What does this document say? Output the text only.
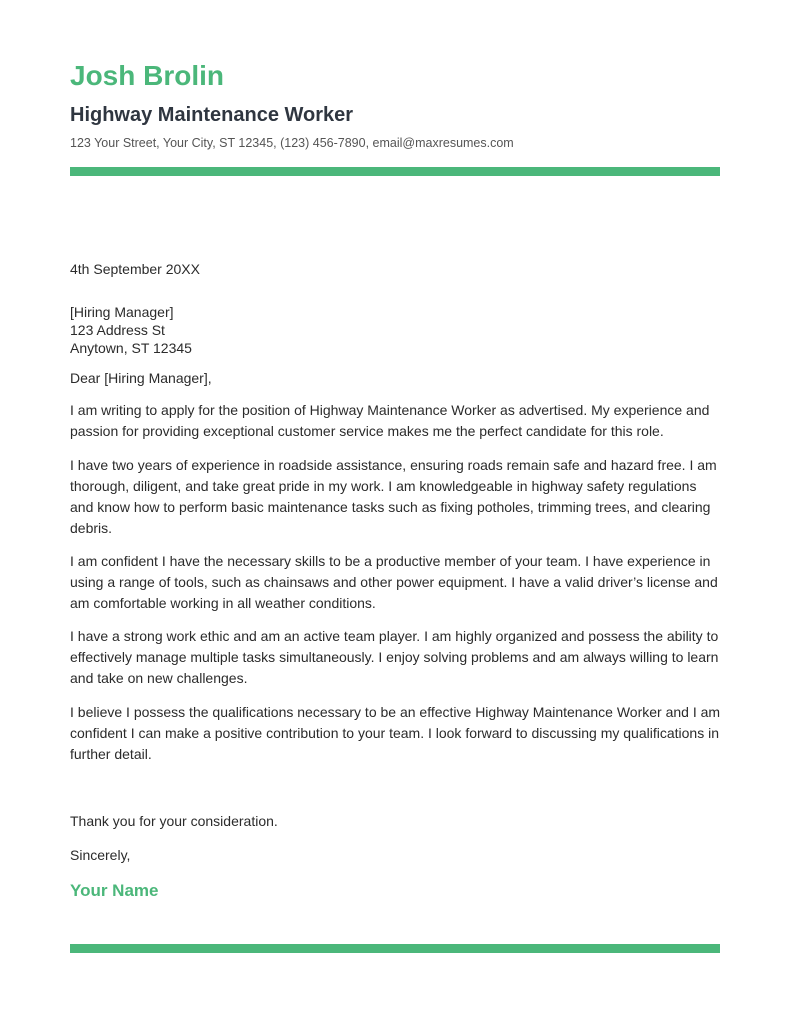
Josh Brolin
Highway Maintenance Worker
123 Your Street, Your City, ST 12345, (123) 456-7890, email@maxresumes.com
4th September 20XX
[Hiring Manager]
123 Address St
Anytown, ST 12345
Dear [Hiring Manager],

I am writing to apply for the position of Highway Maintenance Worker as advertised. My experience and passion for providing exceptional customer service makes me the perfect candidate for this role.

I have two years of experience in roadside assistance, ensuring roads remain safe and hazard free. I am thorough, diligent, and take great pride in my work. I am knowledgeable in highway safety regulations and know how to perform basic maintenance tasks such as fixing potholes, trimming trees, and clearing debris.

I am confident I have the necessary skills to be a productive member of your team. I have experience in using a range of tools, such as chainsaws and other power equipment. I have a valid driver’s license and am comfortable working in all weather conditions.

I have a strong work ethic and am an active team player. I am highly organized and possess the ability to effectively manage multiple tasks simultaneously. I enjoy solving problems and am always willing to learn and take on new challenges.

I believe I possess the qualifications necessary to be an effective Highway Maintenance Worker and I am confident I can make a positive contribution to your team. I look forward to discussing my qualifications in further detail.

Thank you for your consideration.
Sincerely,
Your Name
